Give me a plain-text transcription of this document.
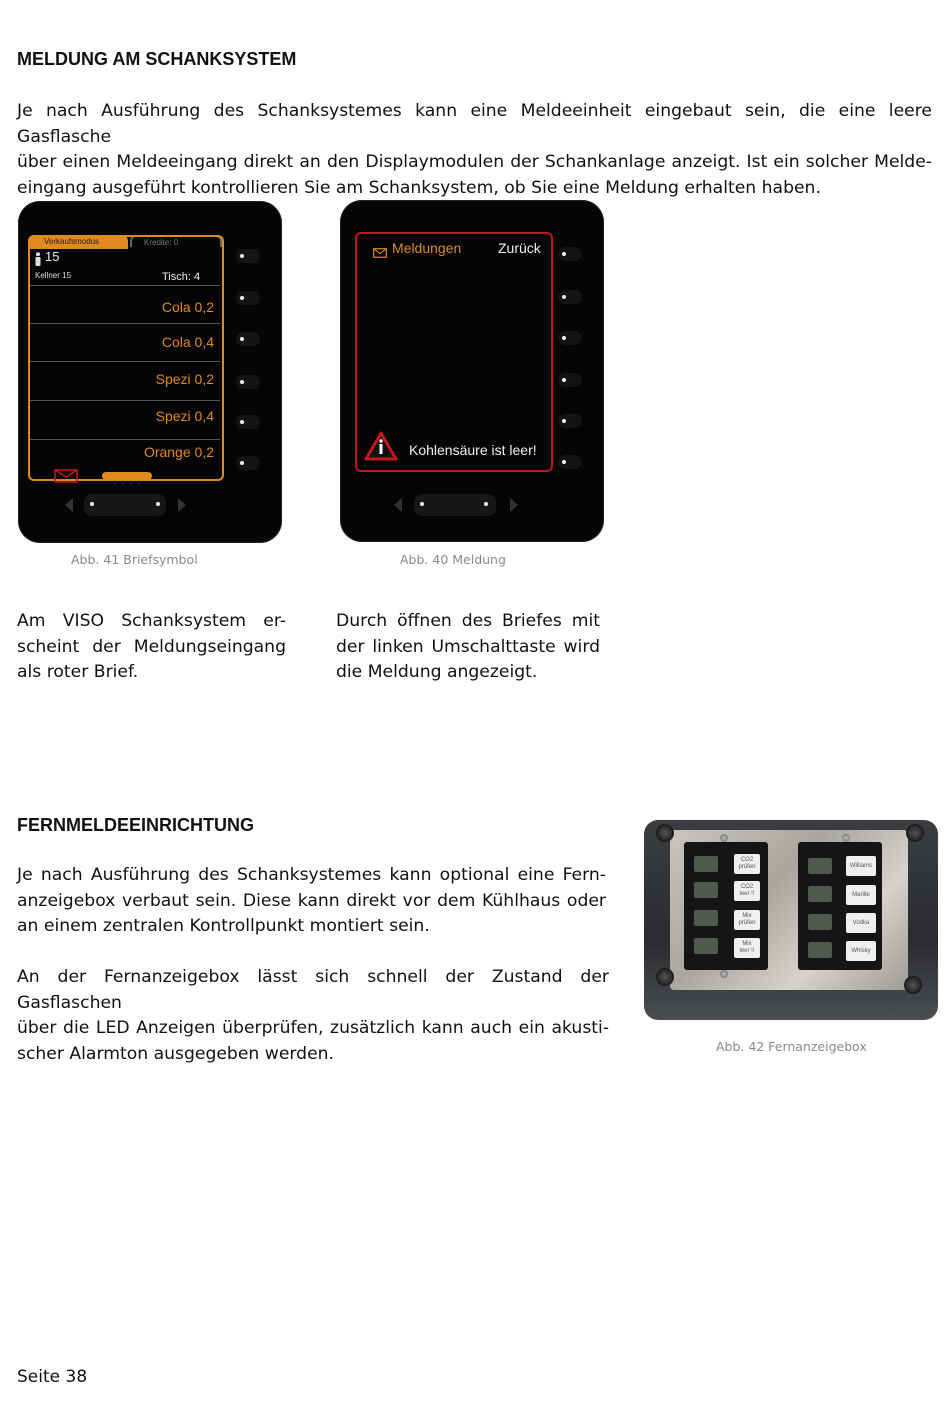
MELDUNG AM SCHANKSYSTEM
Je nach Ausführung des Schanksystemes kann eine Meldeeinheit eingebaut sein, die eine leere Gasflasche
über einen Meldeeingang direkt an den Displaymodulen der Schankanlage anzeigt. Ist ein solcher Melde-
eingang ausgeführt kontrollieren Sie am Schanksystem, ob Sie eine Meldung erhalten haben.
Verkaufsmodus	Kredite: 0
15
Kellner 15	Tisch: 4
Cola 0,2
Cola 0,4
Spezi 0,2
Spezi 0,4
Orange 0,2
Abb. 41 Briefsymbol
Meldungen	Zurück
Kohlensäure ist leer!
Abb. 40 Meldung
Am VISO Schanksystem er-
scheint der Meldungseingang
als roter Brief.
Durch öffnen des Briefes mit
der linken Umschalttaste wird
die Meldung angezeigt.
FERNMELDEEINRICHTUNG
Je nach Ausführung des Schanksystemes kann optional eine Fern-
anzeigebox verbaut sein. Diese kann direkt vor dem Kühlhaus oder
an einem zentralen Kontrollpunkt montiert sein.
An der Fernanzeigebox lässt sich schnell der Zustand der Gasflaschen
über die LED Anzeigen überprüfen, zusätzlich kann auch ein akusti-
scher Alarmton ausgegeben werden.
CO2
prüfen
CO2
leer !!
Mix
prüfen
Mix
leer !!
Williams
Marille
Vodka
Whisky
Abb. 42 Fernanzeigebox
Seite 38
